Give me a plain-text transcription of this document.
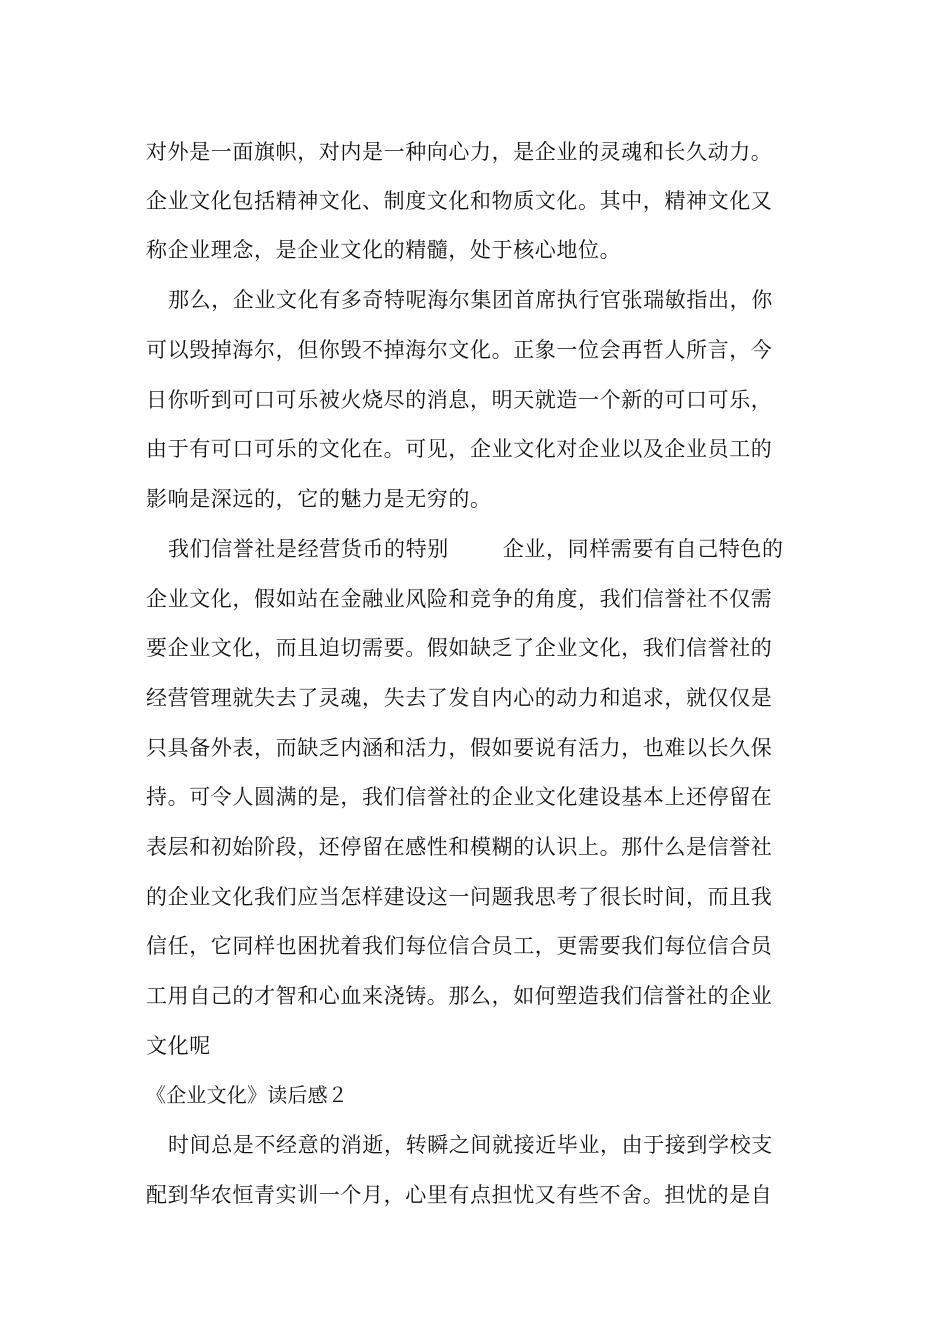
对外是一面旗帜，对内是一种向心力，是企业的灵魂和长久动力。
企业文化包括精神文化、制度文化和物质文化。其中，精神文化又
称企业理念，是企业文化的精髓，处于核心地位。
那么，企业文化有多奇特呢海尔集团首席执行官张瑞敏指出，你
可以毁掉海尔，但你毁不掉海尔文化。正象一位会再哲人所言，今
日你听到可口可乐被火烧尽的消息，明天就造一个新的可口可乐，
由于有可口可乐的文化在。可见，企业文化对企业以及企业员工的
影响是深远的，它的魅力是无穷的。
我们信誉社是经营货币的特别	企业，同样需要有自己特色的
企业文化，假如站在金融业风险和竞争的角度，我们信誉社不仅需
要企业文化，而且迫切需要。假如缺乏了企业文化，我们信誉社的
经营管理就失去了灵魂，失去了发自内心的动力和追求，就仅仅是
只具备外表，而缺乏内涵和活力，假如要说有活力，也难以长久保
持。可令人圆满的是，我们信誉社的企业文化建设基本上还停留在
表层和初始阶段，还停留在感性和模糊的认识上。那什么是信誉社
的企业文化我们应当怎样建设这一问题我思考了很长时间，而且我
信任，它同样也困扰着我们每位信合员工，更需要我们每位信合员
工用自己的才智和心血来浇铸。那么，如何塑造我们信誉社的企业
文化呢
《企业文化》读后感２
时间总是不经意的消逝，转瞬之间就接近毕业，由于接到学校支
配到华农恒青实训一个月，心里有点担忧又有些不舍。担忧的是自
